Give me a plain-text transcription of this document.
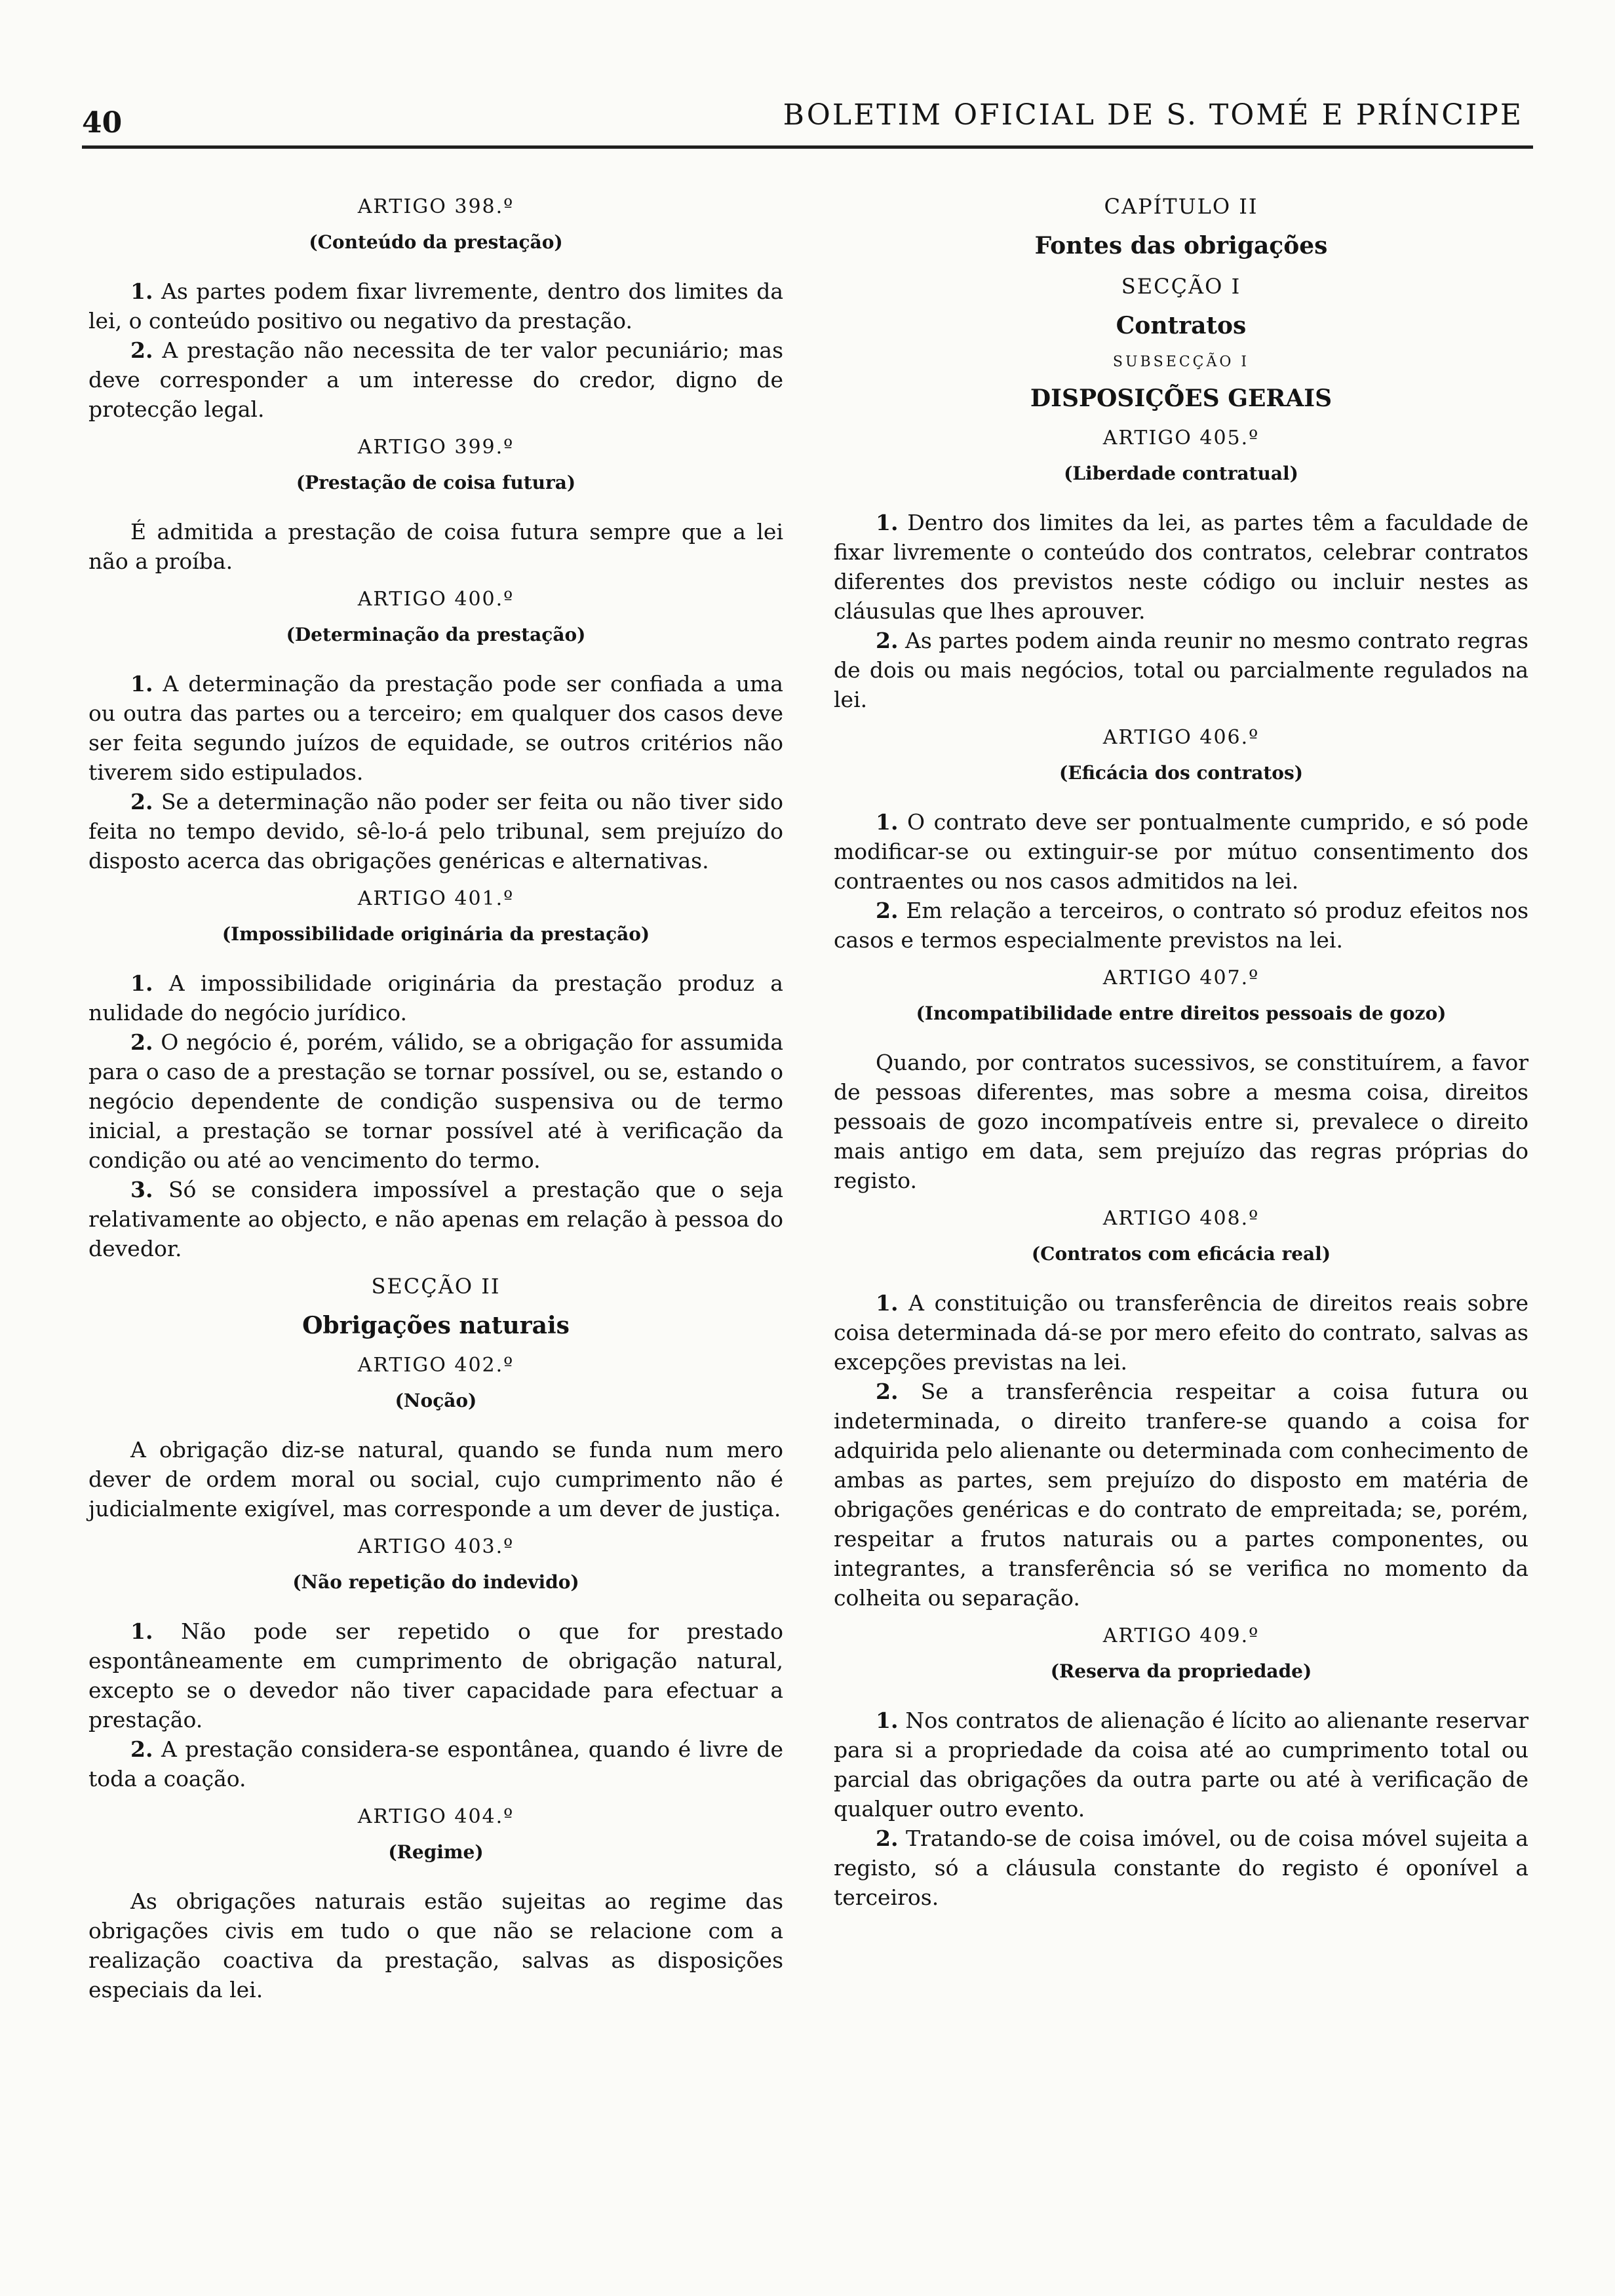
40	BOLETIM OFICIAL DE S. TOMÉ E PRÍNCIPE
ARTIGO 398.º
(Conteúdo da prestação)

1. As partes podem fixar livremente, dentro dos limites da lei, o conteúdo positivo ou negativo da prestação.

2. A prestação não necessita de ter valor pecuniário; mas deve corresponder a um interesse do credor, digno de protecção legal.

ARTIGO 399.º
(Prestação de coisa futura)

É admitida a prestação de coisa futura sempre que a lei não a proíba.

ARTIGO 400.º
(Determinação da prestação)

1. A determinação da prestação pode ser confiada a uma ou outra das partes ou a terceiro; em qualquer dos casos deve ser feita segundo juízos de equidade, se outros critérios não tiverem sido estipulados.

2. Se a determinação não poder ser feita ou não tiver sido feita no tempo devido, sê-lo-á pelo tribunal, sem prejuízo do disposto acerca das obrigações genéricas e alternativas.

ARTIGO 401.º
(Impossibilidade originária da prestação)

1. A impossibilidade originária da prestação produz a nulidade do negócio jurídico.

2. O negócio é, porém, válido, se a obrigação for assumida para o caso de a prestação se tornar possível, ou se, estando o negócio dependente de condição suspensiva ou de termo inicial, a prestação se tornar possível até à verificação da condição ou até ao vencimento do termo.

3. Só se considera impossível a prestação que o seja relativamente ao objecto, e não apenas em relação à pessoa do devedor.

SECÇÃO II
Obrigações naturais
ARTIGO 402.º
(Noção)

A obrigação diz-se natural, quando se funda num mero dever de ordem moral ou social, cujo cumprimento não é judicialmente exigível, mas corresponde a um dever de justiça.

ARTIGO 403.º
(Não repetição do indevido)

1. Não pode ser repetido o que for prestado espontâneamente em cumprimento de obrigação natural, excepto se o devedor não tiver capacidade para efectuar a prestação.

2. A prestação considera-se espontânea, quando é livre de toda a coação.

ARTIGO 404.º
(Regime)

As obrigações naturais estão sujeitas ao regime das obrigações civis em tudo o que não se relacione com a realização coactiva da prestação, salvas as disposições especiais da lei.

CAPÍTULO II
Fontes das obrigações
SECÇÃO I
Contratos
SUBSECÇÃO I
DISPOSIÇÕES GERAIS
ARTIGO 405.º
(Liberdade contratual)

1. Dentro dos limites da lei, as partes têm a faculdade de fixar livremente o conteúdo dos contratos, celebrar contratos diferentes dos previstos neste código ou incluir nestes as cláusulas que lhes aprouver.

2. As partes podem ainda reunir no mesmo contrato regras de dois ou mais negócios, total ou parcialmente regulados na lei.

ARTIGO 406.º
(Eficácia dos contratos)

1. O contrato deve ser pontualmente cumprido, e só pode modificar-se ou extinguir-se por mútuo consentimento dos contraentes ou nos casos admitidos na lei.

2. Em relação a terceiros, o contrato só produz efeitos nos casos e termos especialmente previstos na lei.

ARTIGO 407.º
(Incompatibilidade entre direitos pessoais de gozo)

Quando, por contratos sucessivos, se constituírem, a favor de pessoas diferentes, mas sobre a mesma coisa, direitos pessoais de gozo incompatíveis entre si, prevalece o direito mais antigo em data, sem prejuízo das regras próprias do registo.

ARTIGO 408.º
(Contratos com eficácia real)

1. A constituição ou transferência de direitos reais sobre coisa determinada dá-se por mero efeito do contrato, salvas as excepções previstas na lei.

2. Se a transferência respeitar a coisa futura ou indeterminada, o direito tranfere-se quando a coisa for adquirida pelo alienante ou determinada com conhecimento de ambas as partes, sem prejuízo do disposto em matéria de obrigações genéricas e do contrato de empreitada; se, porém, respeitar a frutos naturais ou a partes componentes, ou integrantes, a transferência só se verifica no momento da colheita ou separação.

ARTIGO 409.º
(Reserva da propriedade)

1. Nos contratos de alienação é lícito ao alienante reservar para si a propriedade da coisa até ao cumprimento total ou parcial das obrigações da outra parte ou até à verificação de qualquer outro evento.

2. Tratando-se de coisa imóvel, ou de coisa móvel sujeita a registo, só a cláusula constante do registo é oponível a terceiros.
